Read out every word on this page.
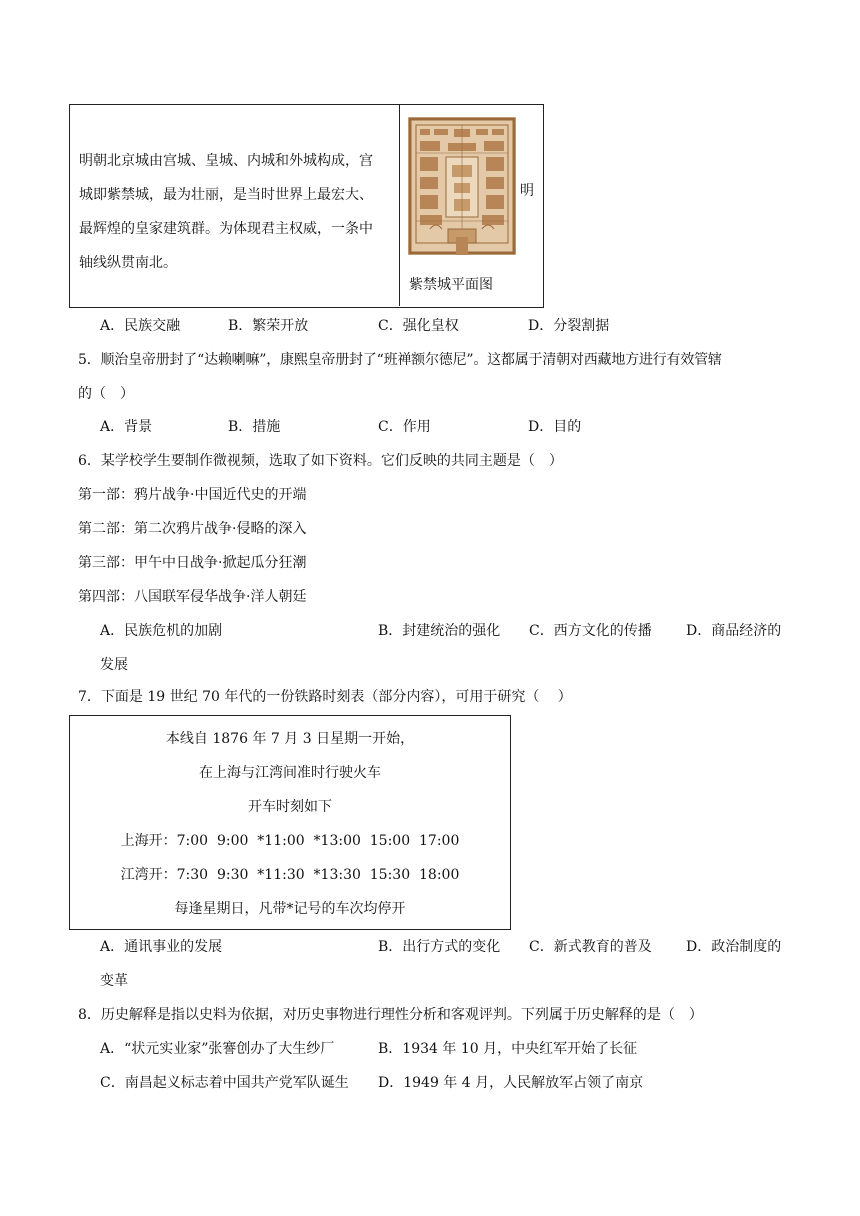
明朝北京城由宫城、皇城、内城和外城构成，宫

城即紫禁城，最为壮丽，是当时世界上最宏大、

最辉煌的皇家建筑群。为体现君主权威，一条中

轴线纵贯南北。

明
紫禁城平面图
A．民族交融	B．繁荣开放	C．强化皇权	D．分裂割据
5．顺治皇帝册封了“达赖喇嘛”，康熙皇帝册封了“班禅额尔德尼”。这都属于清朝对西藏地方进行有效管辖
的（　）
A．背景	B．措施	C．作用	D．目的
6．某学校学生要制作微视频，选取了如下资料。它们反映的共同主题是（　）
第一部：鸦片战争·中国近代史的开端
第二部：第二次鸦片战争·侵略的深入
第三部：甲午中日战争·掀起瓜分狂潮
第四部：八国联军侵华战争·洋人朝廷
A．民族危机的加剧	B．封建统治的强化 C．西方文化的传播 D．商品经济的
发展
7．下面是 19 世纪 70 年代的一份铁路时刻表（部分内容），可用于研究（　 ）
本线自 1876 年 7 月 3 日星期一开始，
在上海与江湾间准时行驶火车
开车时刻如下
上海开：7:00  9:00  *11:00  *13:00  15:00  17:00
江湾开：7:30  9:30  *11:30  *13:30  15:30  18:00
每逢星期日，凡带*记号的车次均停开
A．通讯事业的发展	B．出行方式的变化 C．新式教育的普及 D．政治制度的
变革
8．历史解释是指以史料为依据，对历史事物进行理性分析和客观评判。下列属于历史解释的是（　）
A．“状元实业家”张謇创办了大生纱厂	B．1934 年 10 月，中央红军开始了长征
C．南昌起义标志着中国共产党军队诞生 D．1949 年 4 月，人民解放军占领了南京
